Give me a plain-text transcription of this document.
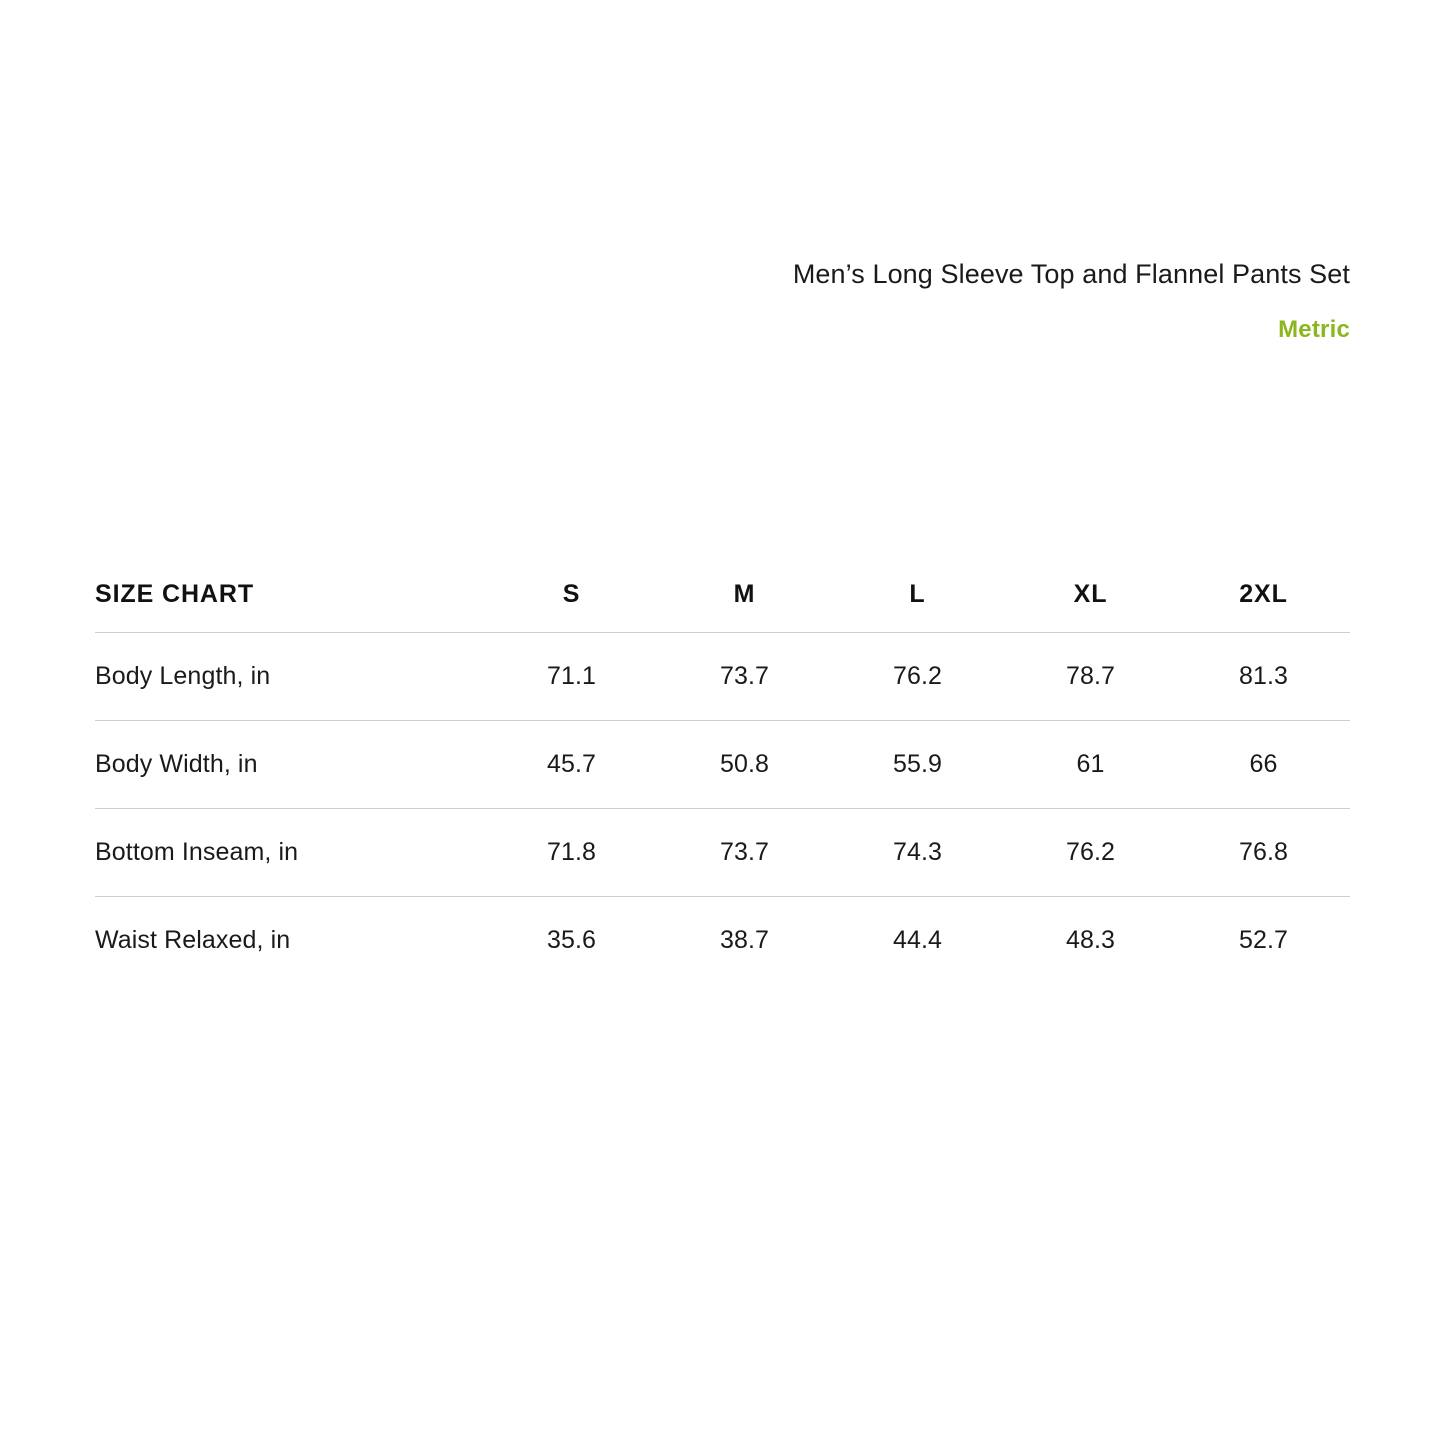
Men’s Long Sleeve Top and Flannel Pants Set
Metric
SIZE CHART	S	M	L	XL	2XL
Body Length, in	71.1	73.7	76.2	78.7	81.3
Body Width, in	45.7	50.8	55.9	61	66
Bottom Inseam, in	71.8	73.7	74.3	76.2	76.8
Waist Relaxed, in	35.6	38.7	44.4	48.3	52.7
